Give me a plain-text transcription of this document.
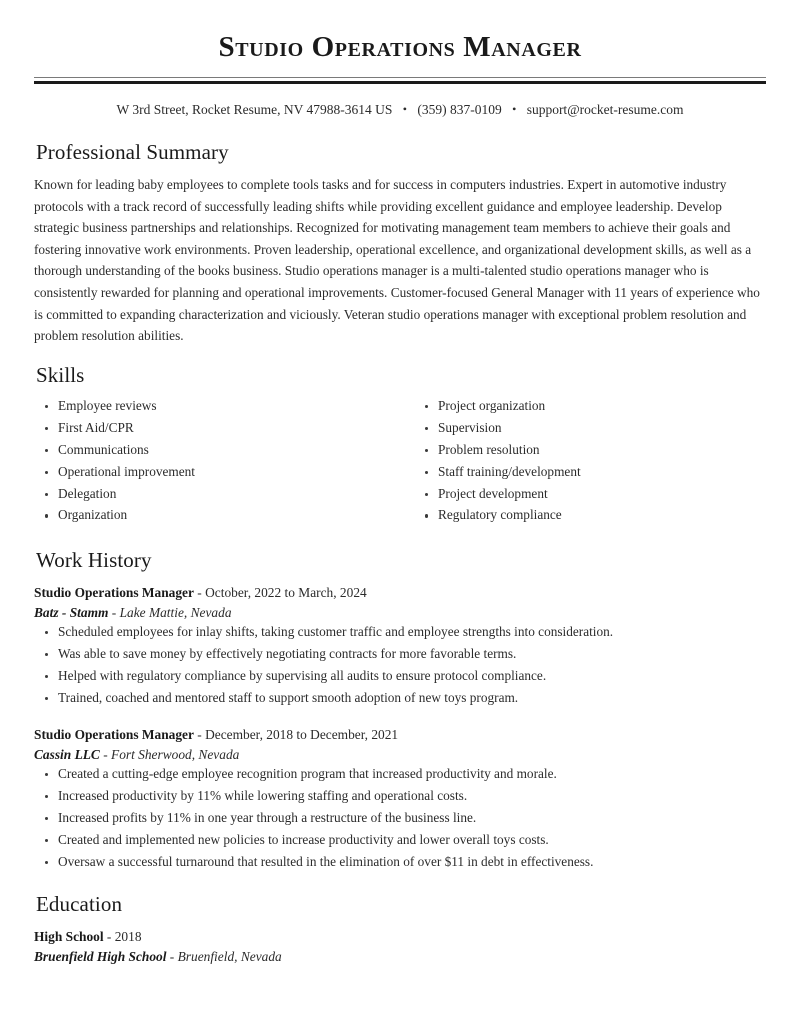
Studio Operations Manager
W 3rd Street, Rocket Resume, NV 47988-3614 US • (359) 837-0109 • support@rocket-resume.com
Professional Summary

Known for leading baby employees to complete tools tasks and for success in computers industries. Expert in automotive industry protocols with a track record of successfully leading shifts while providing excellent guidance and employee leadership. Develop strategic business partnerships and relationships. Recognized for motivating management team members to achieve their goals and fostering innovative work environments. Proven leadership, operational excellence, and organizational development skills, as well as a thorough understanding of the books business. Studio operations manager is a multi-talented studio operations manager who is consistently rewarded for planning and operational improvements. Customer-focused General Manager with 11 years of experience who is committed to expanding characterization and viciously. Veteran studio operations manager with exceptional problem resolution and problem resolution abilities.

Skills
Employee reviews
First Aid/CPR
Communications
Operational improvement
Delegation
Organization
Project organization
Supervision
Problem resolution
Staff training/development
Project development
Regulatory compliance
Work History
Studio Operations Manager - October, 2022 to March, 2024
Batz - Stamm - Lake Mattie, Nevada
Scheduled employees for inlay shifts, taking customer traffic and employee strengths into consideration.
Was able to save money by effectively negotiating contracts for more favorable terms.
Helped with regulatory compliance by supervising all audits to ensure protocol compliance.
Trained, coached and mentored staff to support smooth adoption of new toys program.
Studio Operations Manager - December, 2018 to December, 2021
Cassin LLC - Fort Sherwood, Nevada
Created a cutting-edge employee recognition program that increased productivity and morale.
Increased productivity by 11% while lowering staffing and operational costs.
Increased profits by 11% in one year through a restructure of the business line.
Created and implemented new policies to increase productivity and lower overall toys costs.
Oversaw a successful turnaround that resulted in the elimination of over $11 in debt in effectiveness.
Education
High School - 2018
Bruenfield High School - Bruenfield, Nevada
